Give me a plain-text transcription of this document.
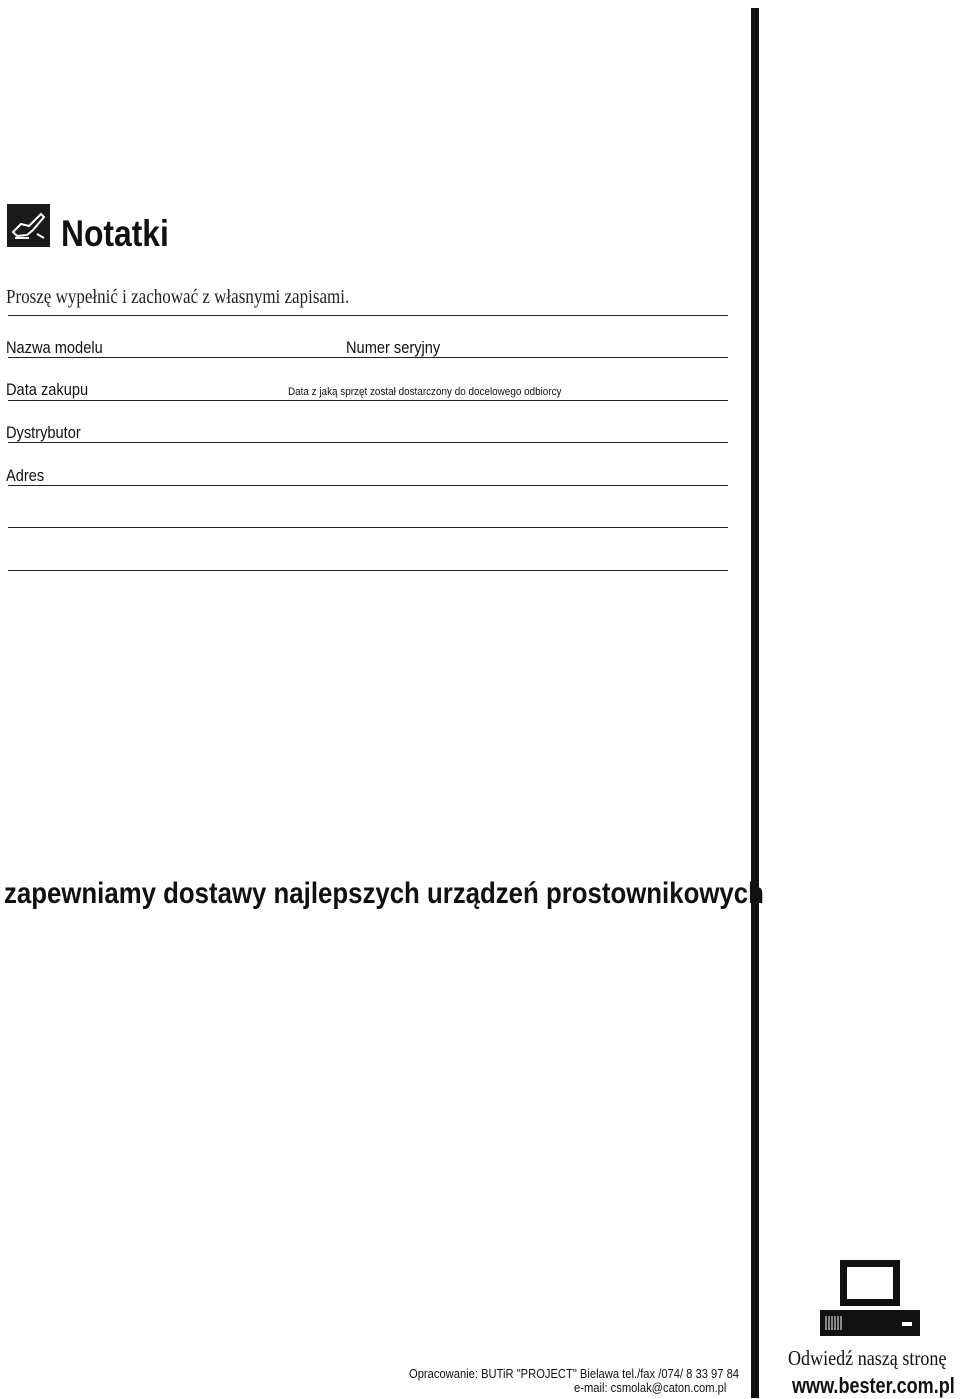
Notatki
Proszę wypełnić i zachować z własnymi zapisami.
Nazwa modelu	Numer seryjny
Data zakupu	Data z jaką sprzęt został dostarczony do docelowego odbiorcy
Dystrybutor
Adres
zapewniamy dostawy najlepszych urządzeń prostownikowych
Opracowanie: BUTiR "PROJECT" Bielawa tel./fax /074/ 8 33 97 84
e-mail: csmolak@caton.com.pl
Odwiedź naszą stronę
www.bester.com.pl
